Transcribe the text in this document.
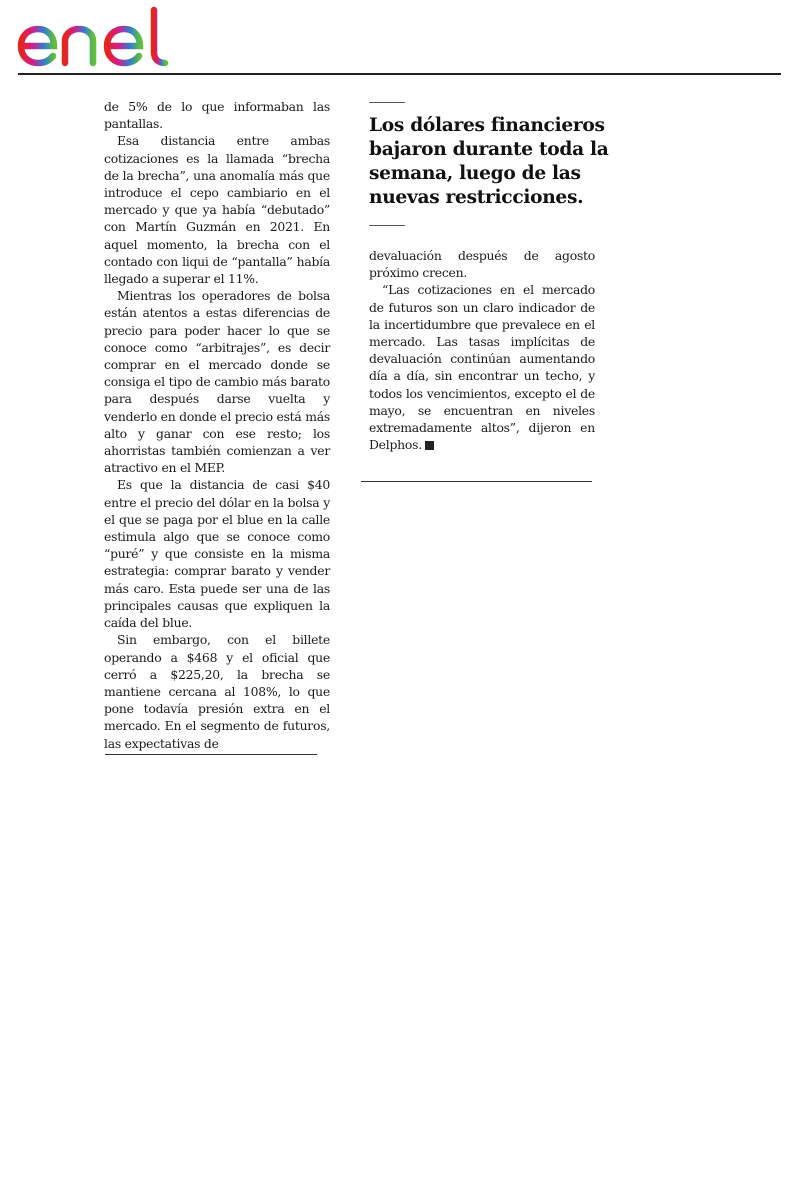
de 5% de lo que informaban las pantallas.

Esa distancia entre ambas cotizaciones es la llamada “brecha de la brecha”, una anomalía más que introduce el cepo cambiario en el mercado y que ya había “debutado” con Martín Guzmán en 2021. En aquel momento, la brecha con el contado con liqui de “pantalla” había llegado a superar el 11%.

Mientras los operadores de bolsa están atentos a estas diferencias de precio para poder hacer lo que se conoce como “arbitrajes”, es decir comprar en el mercado donde se consiga el tipo de cambio más barato para después darse vuelta y venderlo en donde el precio está más alto y ganar con ese resto; los ahorristas también comienzan a ver atractivo en el MEP.

Es que la distancia de casi $40 entre el precio del dólar en la bolsa y el que se paga por el blue en la calle estimula algo que se conoce como “puré” y que consiste en la misma estrategia: comprar barato y vender más caro. Esta puede ser una de las principales causas que expliquen la caída del blue.

Sin embargo, con el billete operando a $468 y el oficial que cerró a $225,20, la brecha se mantiene cercana al 108%, lo que pone todavía presión extra en el mercado. En el segmento de futuros, las expectativas de

Los dólares financieros bajaron durante toda la semana, luego de las nuevas restricciones.

devaluación después de agosto próximo crecen.

“Las cotizaciones en el mercado de futuros son un claro indicador de la incertidumbre que prevalece en el mercado. Las tasas implícitas de devaluación continúan aumentando día a día, sin encontrar un techo, y todos los vencimientos, excepto el de mayo, se encuentran en niveles extremadamente altos”, dijeron en Delphos.
